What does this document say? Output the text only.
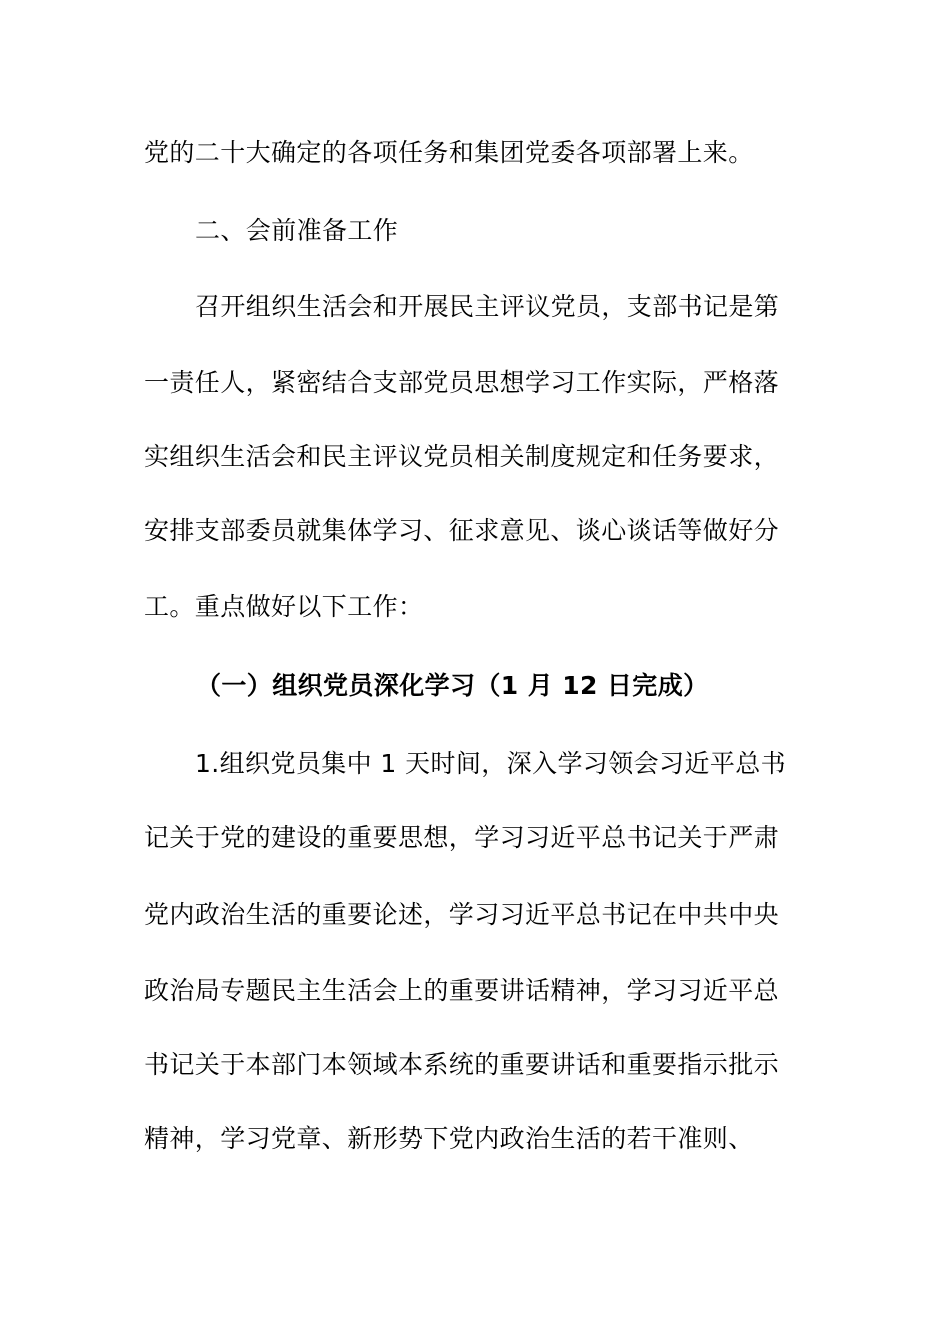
党的二十大确定的各项任务和集团党委各项部署上来。
二、会前准备工作
召开组织生活会和开展民主评议党员，支部书记是第
一责任人，紧密结合支部党员思想学习工作实际，严格落
实组织生活会和民主评议党员相关制度规定和任务要求，
安排支部委员就集体学习、征求意见、谈心谈话等做好分
工。重点做好以下工作：
（一）组织党员深化学习（1 月 12 日完成）
1.组织党员集中 1 天时间，深入学习领会习近平总书
记关于党的建设的重要思想，学习习近平总书记关于严肃
党内政治生活的重要论述，学习习近平总书记在中共中央
政治局专题民主生活会上的重要讲话精神，学习习近平总
书记关于本部门本领域本系统的重要讲话和重要指示批示
精神，学习党章、新形势下党内政治生活的若干准则、
